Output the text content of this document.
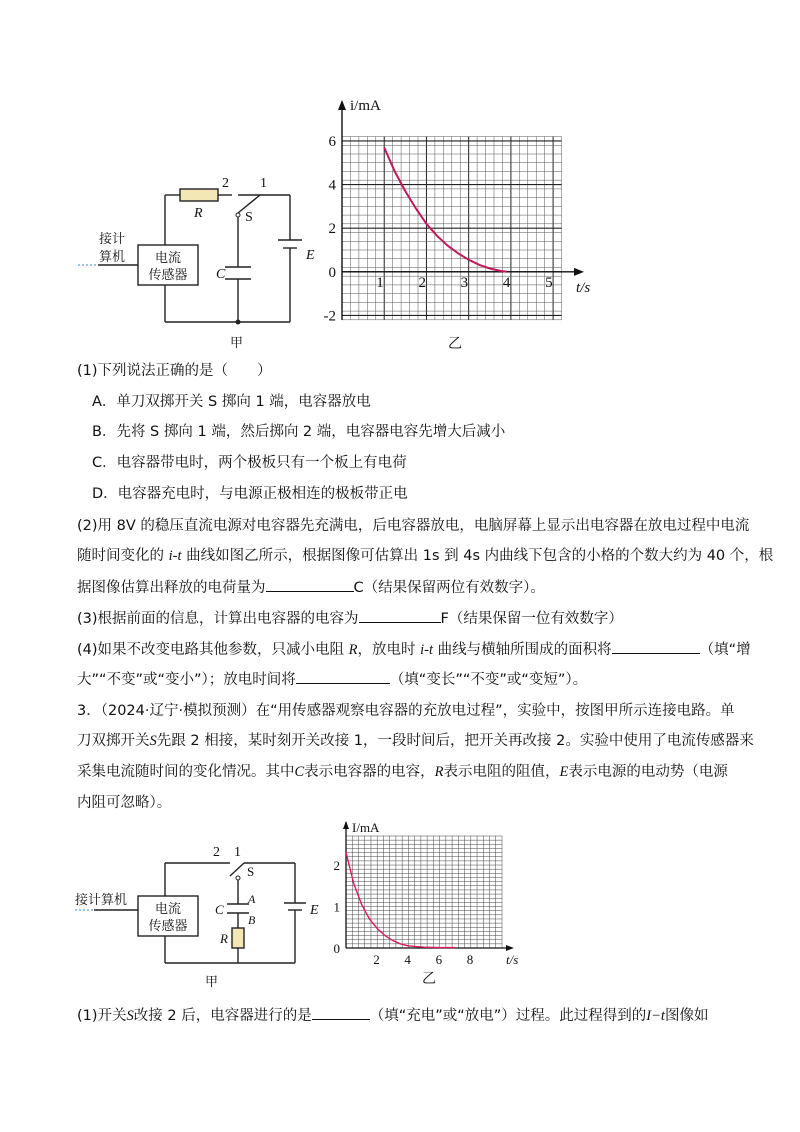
2 1
R	S
C
E
电流
传感器
接计
算机
甲
6
4
2
0
-2
1 2 3 4 5
i/mA
t/s
乙
(1)下列说法正确的是（　　）
A．单刀双掷开关 S 掷向 1 端，电容器放电
B．先将 S 掷向 1 端，然后掷向 2 端，电容器电容先增大后减小
C．电容器带电时，两个极板只有一个板上有电荷
D．电容器充电时，与电源正极相连的极板带正电
(2)用 8V 的稳压直流电源对电容器先充满电，后电容器放电，电脑屏幕上显示出电容器在放电过程中电流
随时间变化的 i-t 曲线如图乙所示，根据图像可估算出 1s 到 4s 内曲线下包含的小格的个数大约为 40 个，根
据图像估算出释放的电荷量为	C（结果保留两位有效数字）。
(3)根据前面的信息，计算出电容器的电容为	F（结果保留一位有效数字）
(4)如果不改变电路其他参数，只减小电阻 R，放电时 i-t 曲线与横轴所围成的面积将	（填“增
大”“不变”或“变小”）；放电时间将	（填“变长”“不变”或“变短”）。
3．（2024·辽宁·模拟预测）在“用传感器观察电容器的充放电过程”，实验中，按图甲所示连接电路。单
刀双掷开关S先跟 2 相接，某时刻开关改接 1，一段时间后，把开关再改接 2。实验中使用了电流传感器来
采集电流随时间的变化情况。其中C表示电容器的电容，R表示电阻的阻值，E表示电源的电动势（电源
内阻可忽略）。
接计算机
电流
传感器
2 1
S
C
A
B
R
E
甲
2
1
0
2 4 6 8
I/mA
t/s
乙
(1)开关S改接 2 后，电容器进行的是	（填“充电”或“放电”）过程。此过程得到的I−t图像如
